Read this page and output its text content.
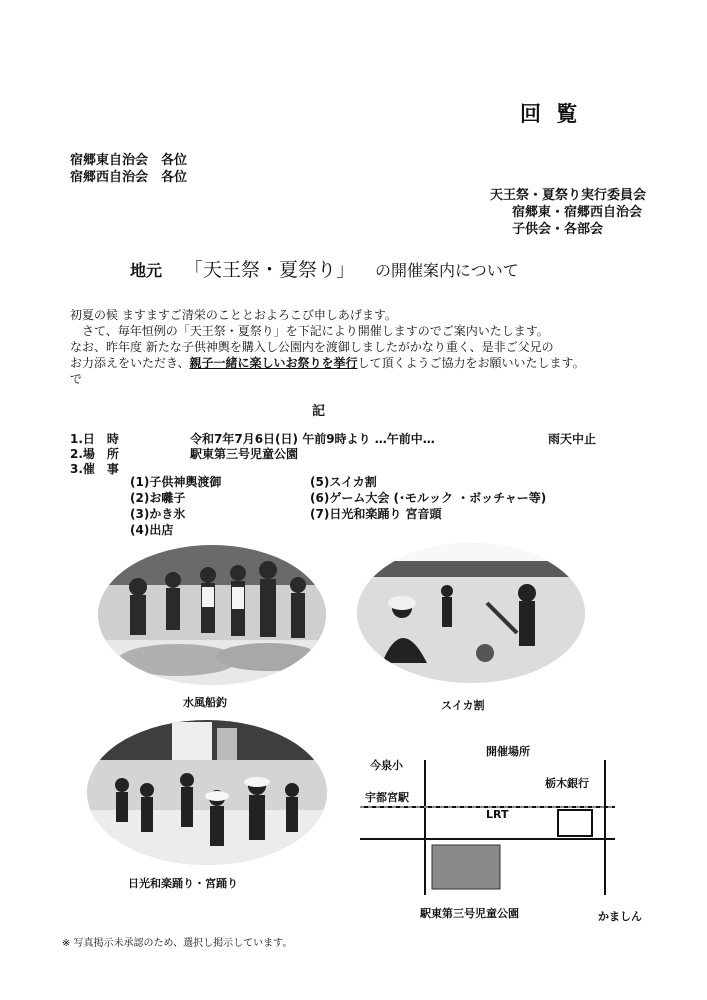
回 覧
宿郷東自治会　各位
宿郷西自治会　各位
天王祭・夏祭り実行委員会
宿郷東・宿郷西自治会
子供会・各部会
地元 「天王祭・夏祭り」 の開催案内について
初夏の候 ますますご清栄のこととおよろこび申しあげます。
さて、毎年恒例の「天王祭・夏祭り」を下記により開催しますのでご案内いたします。
なお、昨年度 新たな子供神輿を購入し公園内を渡御しましたがかなり重く、是非ご父兄の
お力添えをいただき、親子一緒に楽しいお祭りを挙行して頂くようご協力をお願いいたします。
で
記
1.日　時	令和7年7月6日(日) 午前9時より …午前中…	雨天中止
2.場　所	駅東第三号児童公園
3.催　事
(1)子供神輿渡御
(2)お囃子
(3)かき氷
(4)出店
(5)スイカ割
(6)ゲーム大会 (･モルック ・ボッチャー等)
(7)日光和楽踊り 宮音頭
水風船釣	スイカ割
日光和楽踊り・宮踊り
開催場所
今泉小
栃木銀行
宇都宮駅
LRT
駅東第三号児童公園	かましん
※ 写真掲示未承認のため、選択し掲示しています。
